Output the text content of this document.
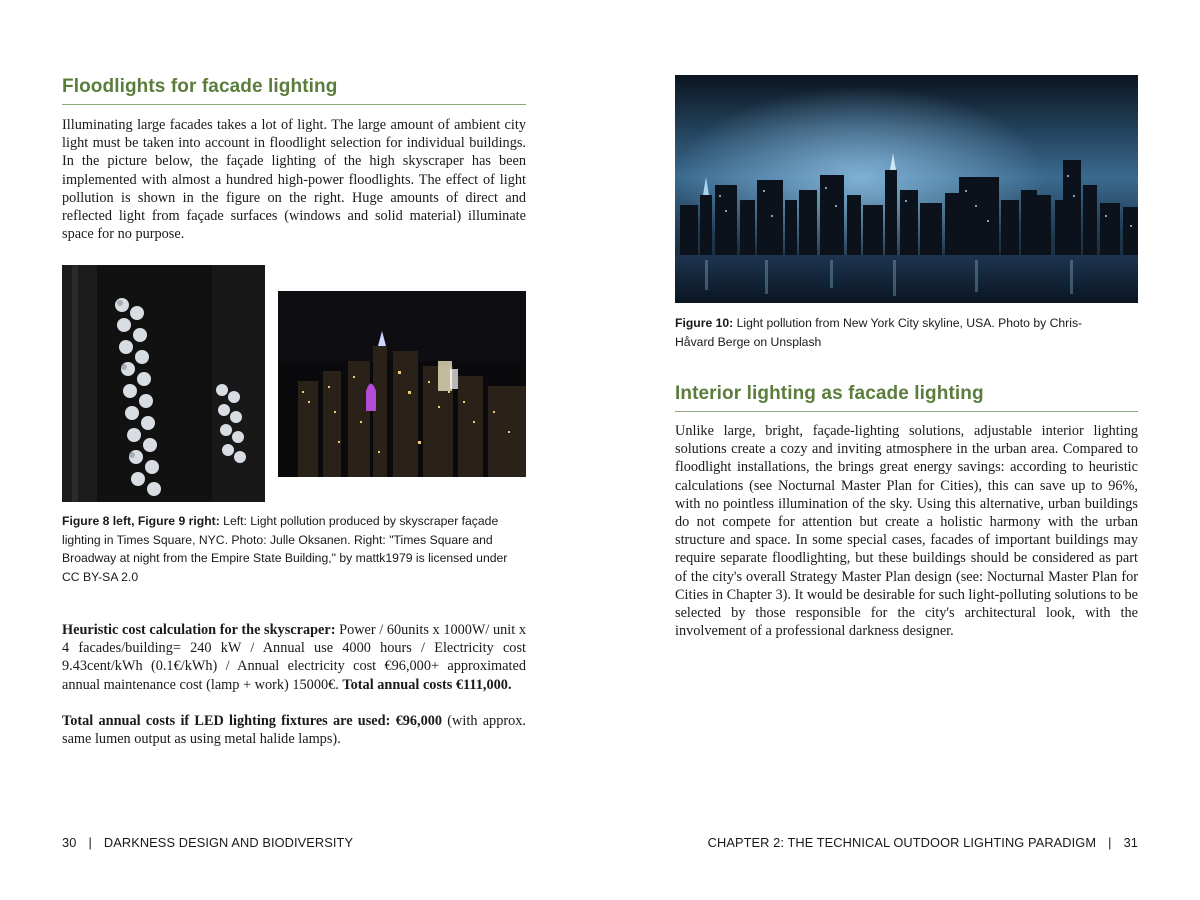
Floodlights for facade lighting

Illuminating large facades takes a lot of light. The large amount of ambient city light must be taken into account in floodlight selection for individual buildings. In the picture below, the façade lighting of the high skyscraper has been implemented with almost a hundred high-power floodlights. The effect of light pollution is shown in the figure on the right. Huge amounts of direct and reflected light from façade surfaces (windows and solid material) illuminate space for no purpose.

Figure 8 left, Figure 9 right: Left: Light pollution produced by skyscraper façade lighting in Times Square, NYC. Photo: Julle Oksanen. Right: "Times Square and Broadway at night from the Empire State Building," by mattk1979 is licensed under CC BY-SA 2.0

Heuristic cost calculation for the skyscraper: Power / 60units x 1000W/ unit x 4 facades/building= 240 kW / Annual use 4000 hours / Electricity cost 9.43cent/kWh (0.1€/kWh) / Annual electricity cost €96,000+ approximated annual maintenance cost (lamp + work) 15000€. Total annual costs €111,000.

Total annual costs if LED lighting fixtures are used: €96,000 (with approx. same lumen output as using metal halide lamps).

30 | DARKNESS DESIGN AND BIODIVERSITY

Figure 10: Light pollution from New York City skyline, USA. Photo by Chris-Håvard Berge on Unsplash

Interior lighting as facade lighting

Unlike large, bright, façade-lighting solutions, adjustable interior lighting solutions create a cozy and inviting atmosphere in the urban area. Compared to floodlight installations, the brings great energy savings: according to heuristic calculations (see Nocturnal Master Plan for Cities), this can save up to 96%, with no pointless illumination of the sky. Using this alternative, urban buildings do not compete for attention but create a holistic harmony with the urban structure and space. In some special cases, facades of important buildings may require separate floodlighting, but these buildings should be considered as part of the city's overall Strategy Master Plan design (see: Nocturnal Master Plan for Cities in Chapter 3). It would be desirable for such light-polluting solutions to be selected by those responsible for the city's architectural look, with the involvement of a professional darkness designer.

CHAPTER 2: THE TECHNICAL OUTDOOR LIGHTING PARADIGM | 31
